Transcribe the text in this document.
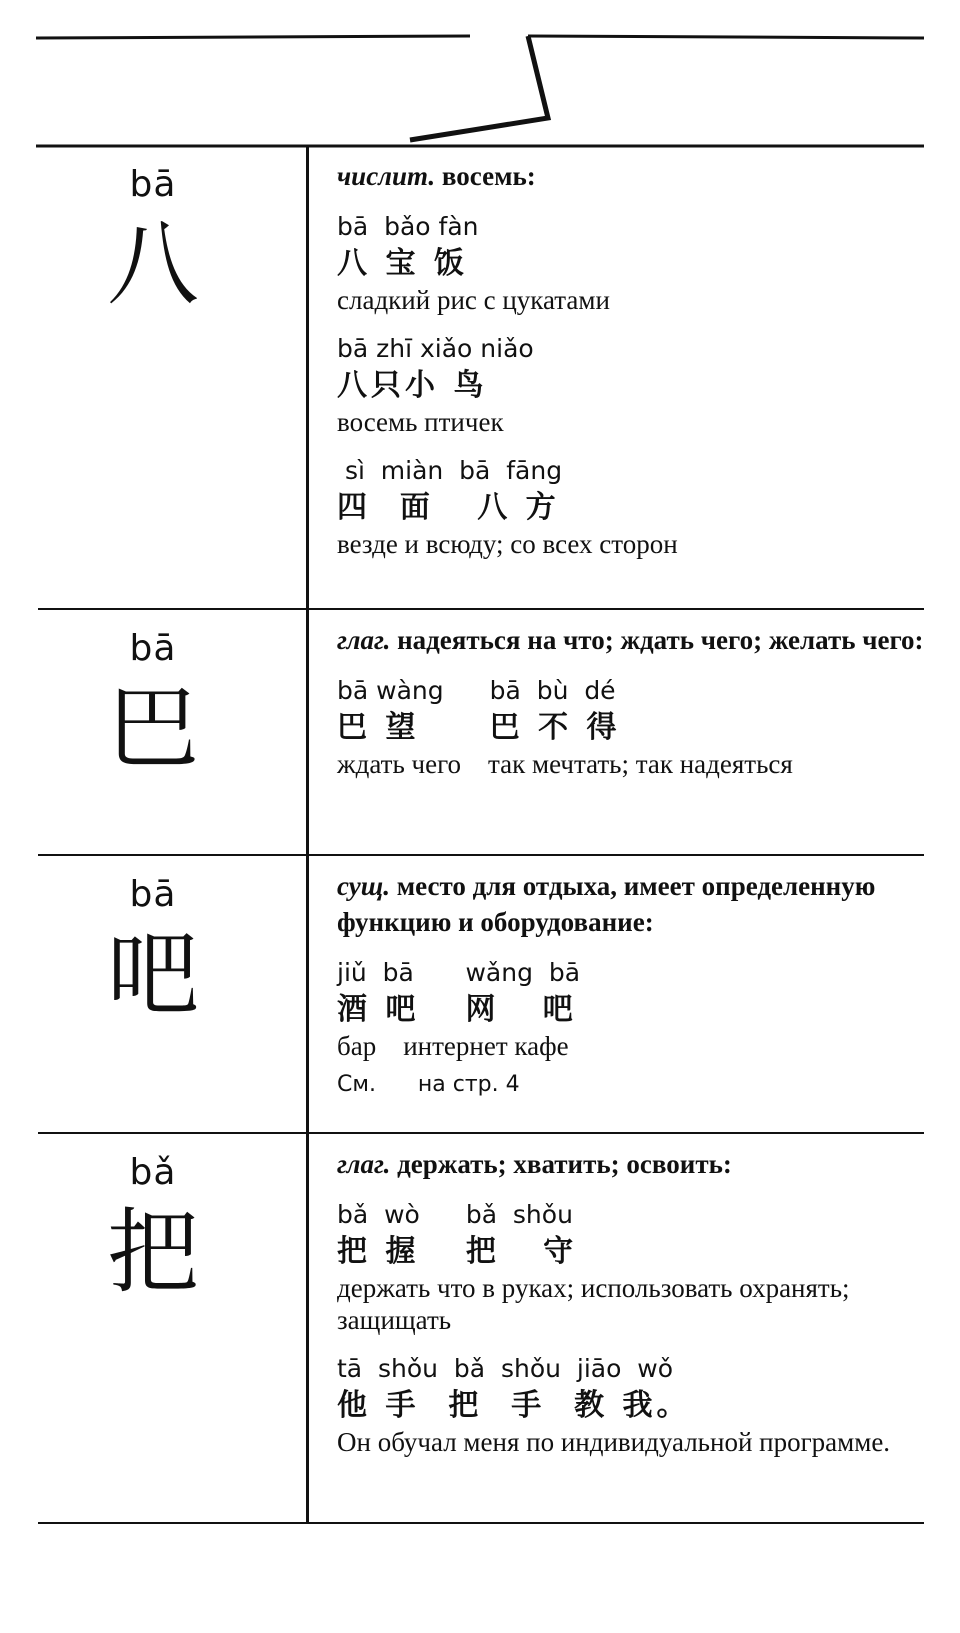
bā
八
числит. восемь:
bā  bǎo fàn
八 宝 饭
сладкий рис с цукатами
bā zhī xiǎo niǎo
八只小 鸟
восемь птичек
sì  miàn  bā  fāng
四  面   八 方
везде и всюду; со всех сторон
bā
巴
глаг. надеяться на что; ждать чего; желать чего:
bā wàng
巴 望
bā  bù  dé
巴 不 得
ждать чего    так мечтать; так надеяться
bā
吧
сущ. место для отдыха, имеет определенную функцию и оборудование:
jiǔ  bā
酒 吧
wǎng  bā
网   吧
бар    интернет кафе
См.      на стр. 4
bǎ
把
глаг. держать; хватить; освоить:
bǎ  wò
把 握
bǎ  shǒu
把   守
держать что в руках; использовать охранять; защищать
tā  shǒu  bǎ  shǒu  jiāo  wǒ
他 手  把  手  教 我。
Он обучал меня по индивидуальной программе.
